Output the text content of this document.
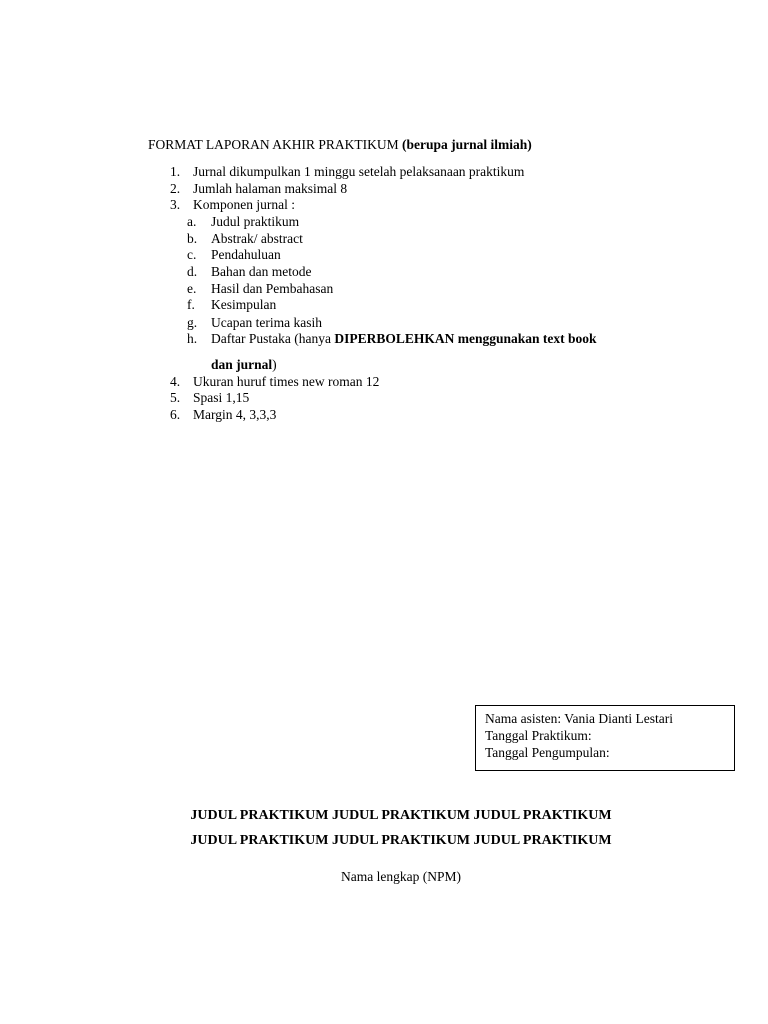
FORMAT LAPORAN AKHIR PRAKTIKUM (berupa jurnal ilmiah)
1. Jurnal dikumpulkan 1 minggu setelah pelaksanaan praktikum
2. Jumlah halaman maksimal 8
3. Komponen jurnal :
a. Judul praktikum
b. Abstrak/ abstract
c. Pendahuluan
d. Bahan dan metode
e. Hasil dan Pembahasan
f. Kesimpulan
g. Ucapan terima kasih
h. Daftar Pustaka (hanya DIPERBOLEHKAN menggunakan text book
dan jurnal)
4. Ukuran huruf times new roman 12
5. Spasi 1,15
6. Margin 4, 3,3,3
Nama asisten: Vania Dianti Lestari
Tanggal Praktikum:
Tanggal Pengumpulan:
JUDUL PRAKTIKUM JUDUL PRAKTIKUM JUDUL PRAKTIKUM
JUDUL PRAKTIKUM JUDUL PRAKTIKUM JUDUL PRAKTIKUM
Nama lengkap (NPM)
